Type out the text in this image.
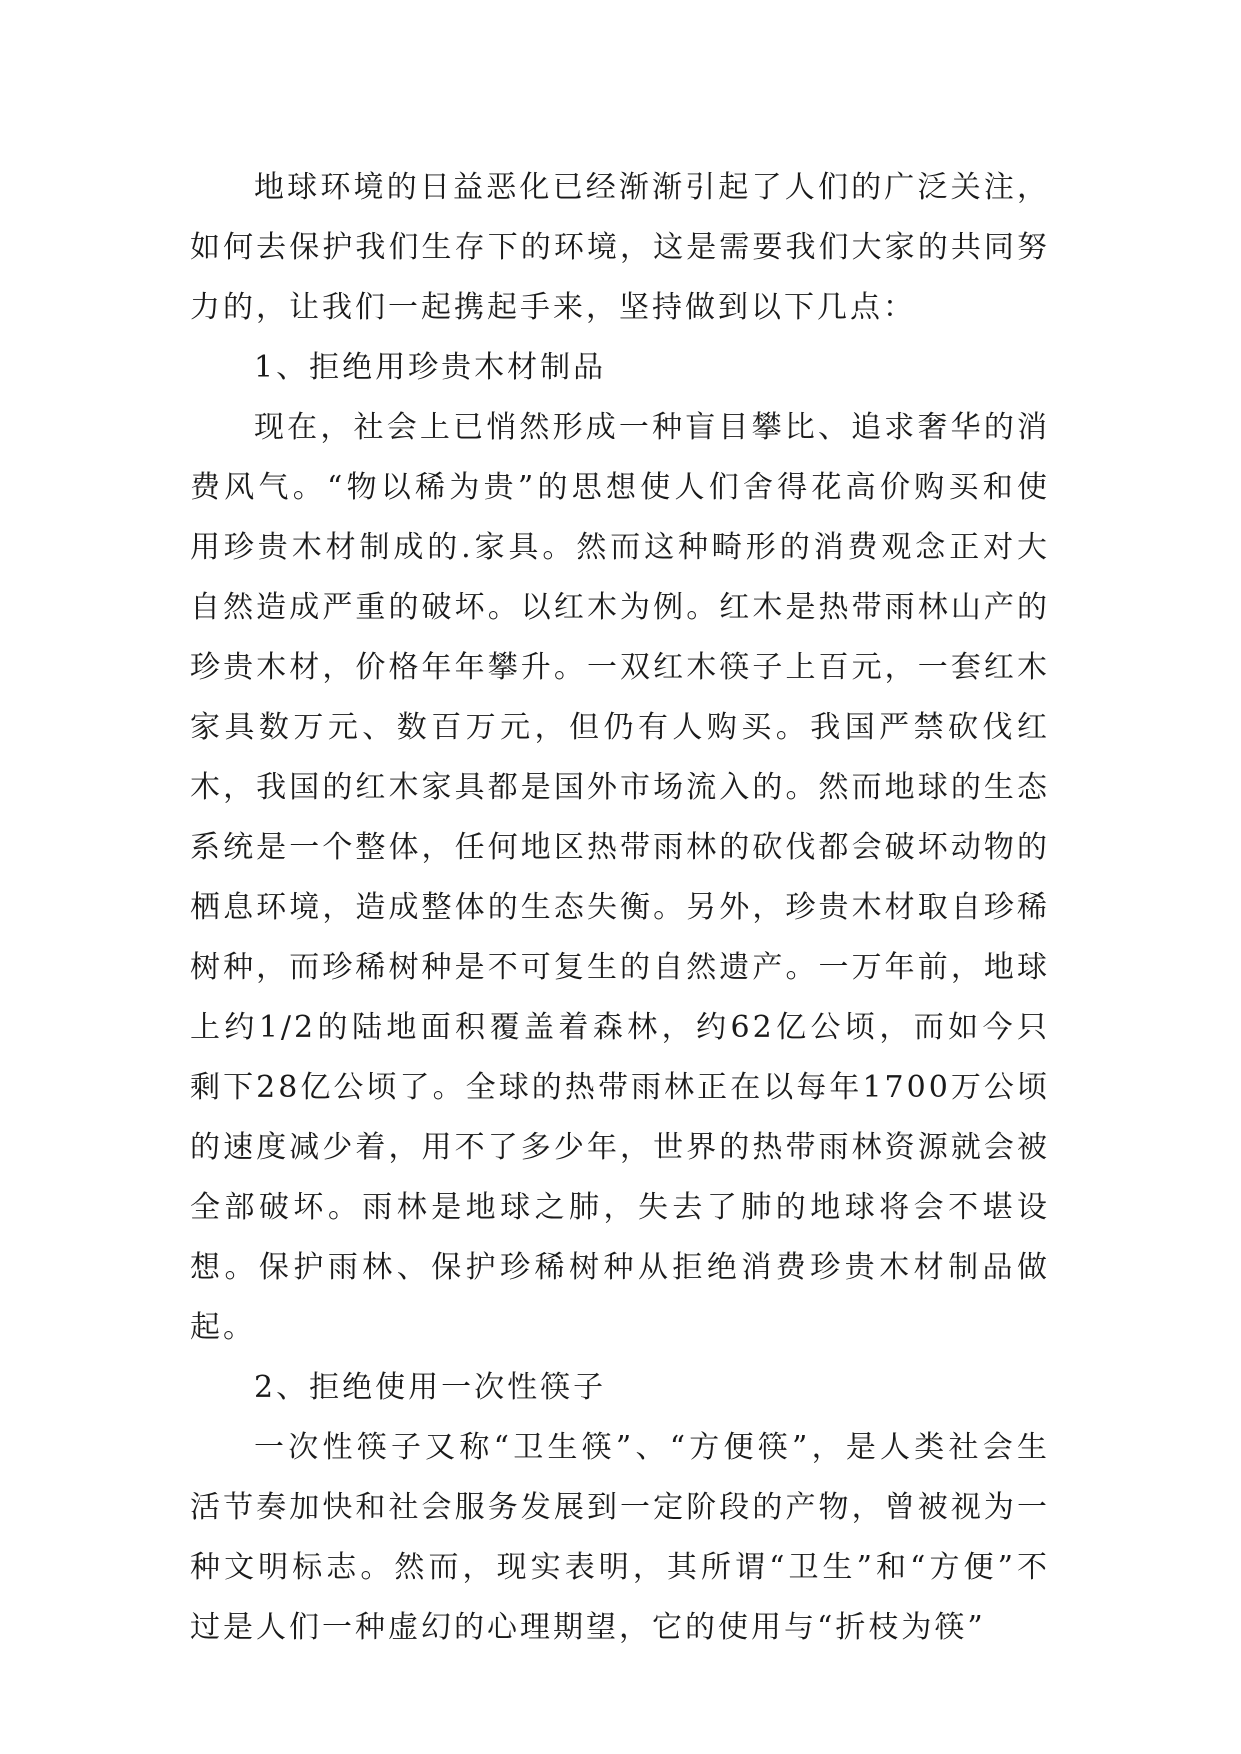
地球环境的日益恶化已经渐渐引起了人们的广泛关注，如何去保护我们生存下的环境，这是需要我们大家的共同努力的，让我们一起携起手来，坚持做到以下几点：

1、拒绝用珍贵木材制品

现在，社会上已悄然形成一种盲目攀比、追求奢华的消费风气。“物以稀为贵”的思想使人们舍得花高价购买和使用珍贵木材制成的.家具。然而这种畸形的消费观念正对大自然造成严重的破坏。以红木为例。红木是热带雨林山产的珍贵木材，价格年年攀升。一双红木筷子上百元，一套红木家具数万元、数百万元，但仍有人购买。我国严禁砍伐红木，我国的红木家具都是国外市场流入的。然而地球的生态系统是一个整体，任何地区热带雨林的砍伐都会破坏动物的栖息环境，造成整体的生态失衡。另外，珍贵木材取自珍稀树种，而珍稀树种是不可复生的自然遗产。一万年前，地球上约1/2的陆地面积覆盖着森林，约62亿公顷，而如今只剩下28亿公顷了。全球的热带雨林正在以每年1700万公顷的速度减少着，用不了多少年，世界的热带雨林资源就会被全部破坏。雨林是地球之肺，失去了肺的地球将会不堪设想。保护雨林、保护珍稀树种从拒绝消费珍贵木材制品做起。

2、拒绝使用一次性筷子

一次性筷子又称“卫生筷”、“方便筷”，是人类社会生活节奏加快和社会服务发展到一定阶段的产物，曾被视为一种文明标志。然而，现实表明，其所谓“卫生”和“方便”不过是人们一种虚幻的心理期望，它的使用与“折枝为筷”
